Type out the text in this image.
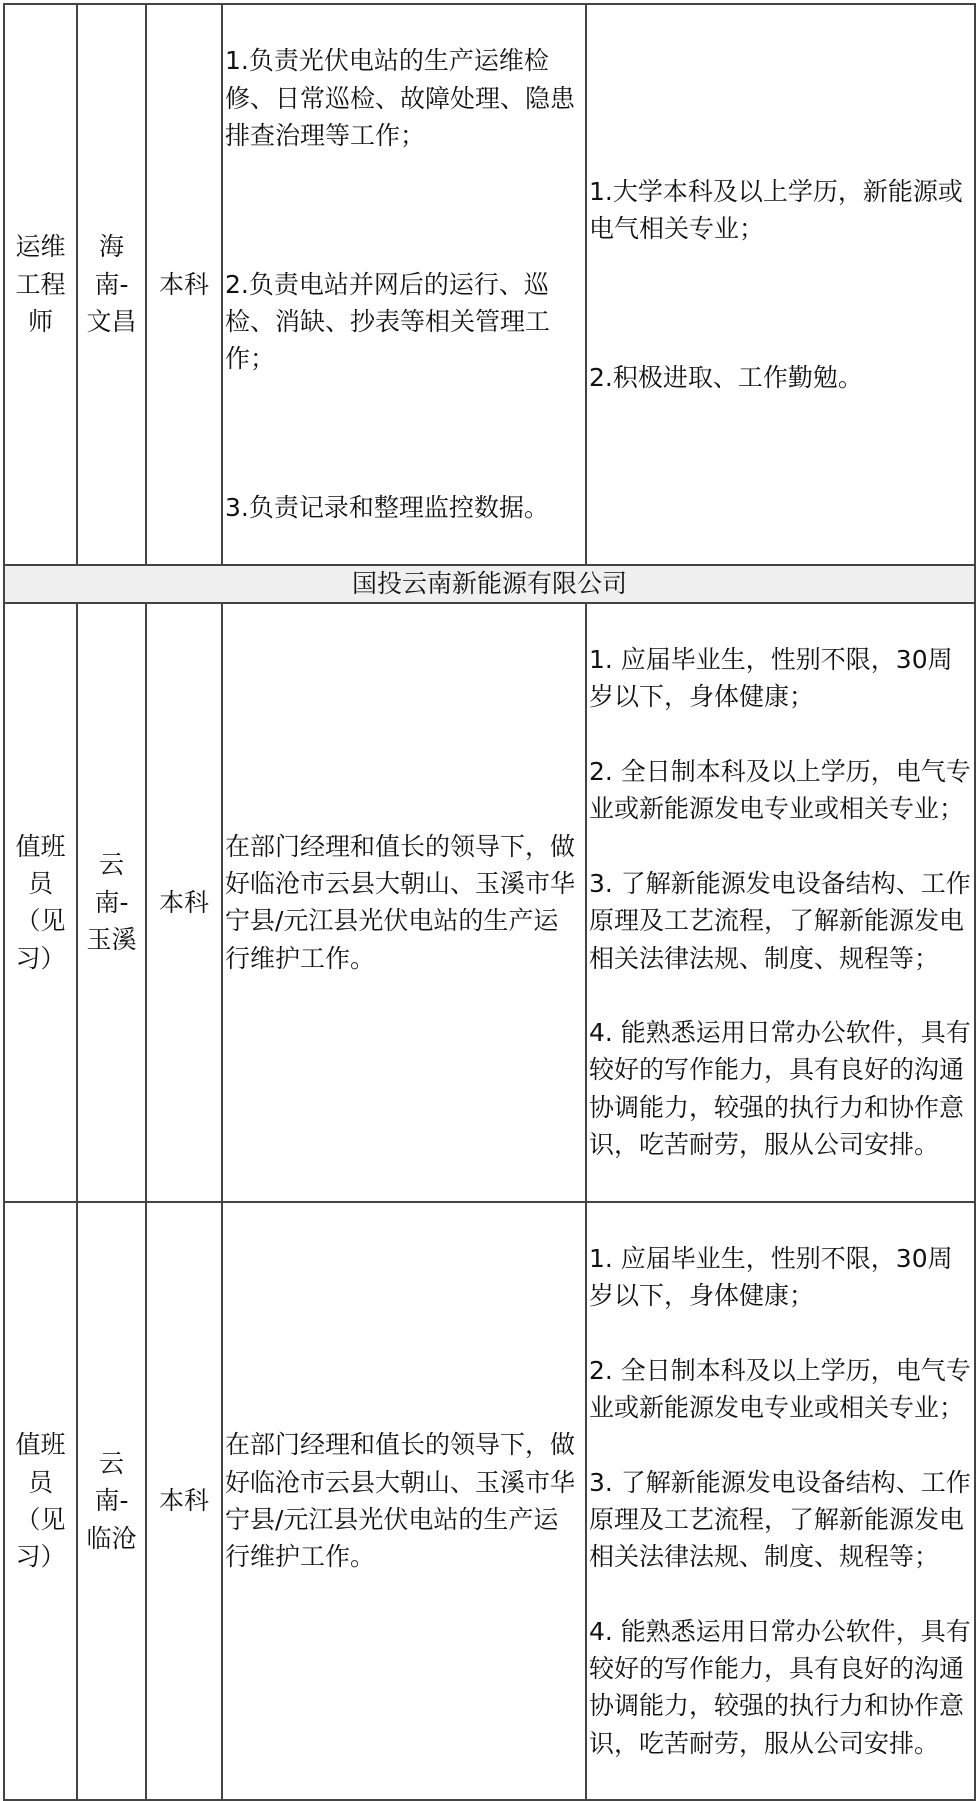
运维工程师	海南-文昌	本科	1.负责光伏电站的生产运维检修、日常巡检、故障处理、隐患排查治理等工作；

2.负责电站并网后的运行、巡检、消缺、抄表等相关管理工作；

3.负责记录和整理监控数据。	1.大学本科及以上学历，新能源或电气相关专业；

2.积极进取、工作勤勉。

国投云南新能源有限公司				
值班员（见习）	云南-玉溪	本科	在部门经理和值长的领导下，做好临沧市云县大朝山、玉溪市华宁县/元江县光伏电站的生产运行维护工作。	1. 应届毕业生，性别不限，30周岁以下，身体健康；

2. 全日制本科及以上学历，电气专业或新能源发电专业或相关专业；

3. 了解新能源发电设备结构、工作原理及工艺流程，了解新能源发电相关法律法规、制度、规程等；

4. 能熟悉运用日常办公软件，具有较好的写作能力，具有良好的沟通协调能力，较强的执行力和协作意识，吃苦耐劳，服从公司安排。

值班员（见习）	云南-临沧	本科	在部门经理和值长的领导下，做好临沧市云县大朝山、玉溪市华宁县/元江县光伏电站的生产运行维护工作。	1. 应届毕业生，性别不限，30周岁以下，身体健康；

2. 全日制本科及以上学历，电气专业或新能源发电专业或相关专业；

3. 了解新能源发电设备结构、工作原理及工艺流程，了解新能源发电相关法律法规、制度、规程等；

4. 能熟悉运用日常办公软件，具有较好的写作能力，具有良好的沟通协调能力，较强的执行力和协作意识，吃苦耐劳，服从公司安排。
